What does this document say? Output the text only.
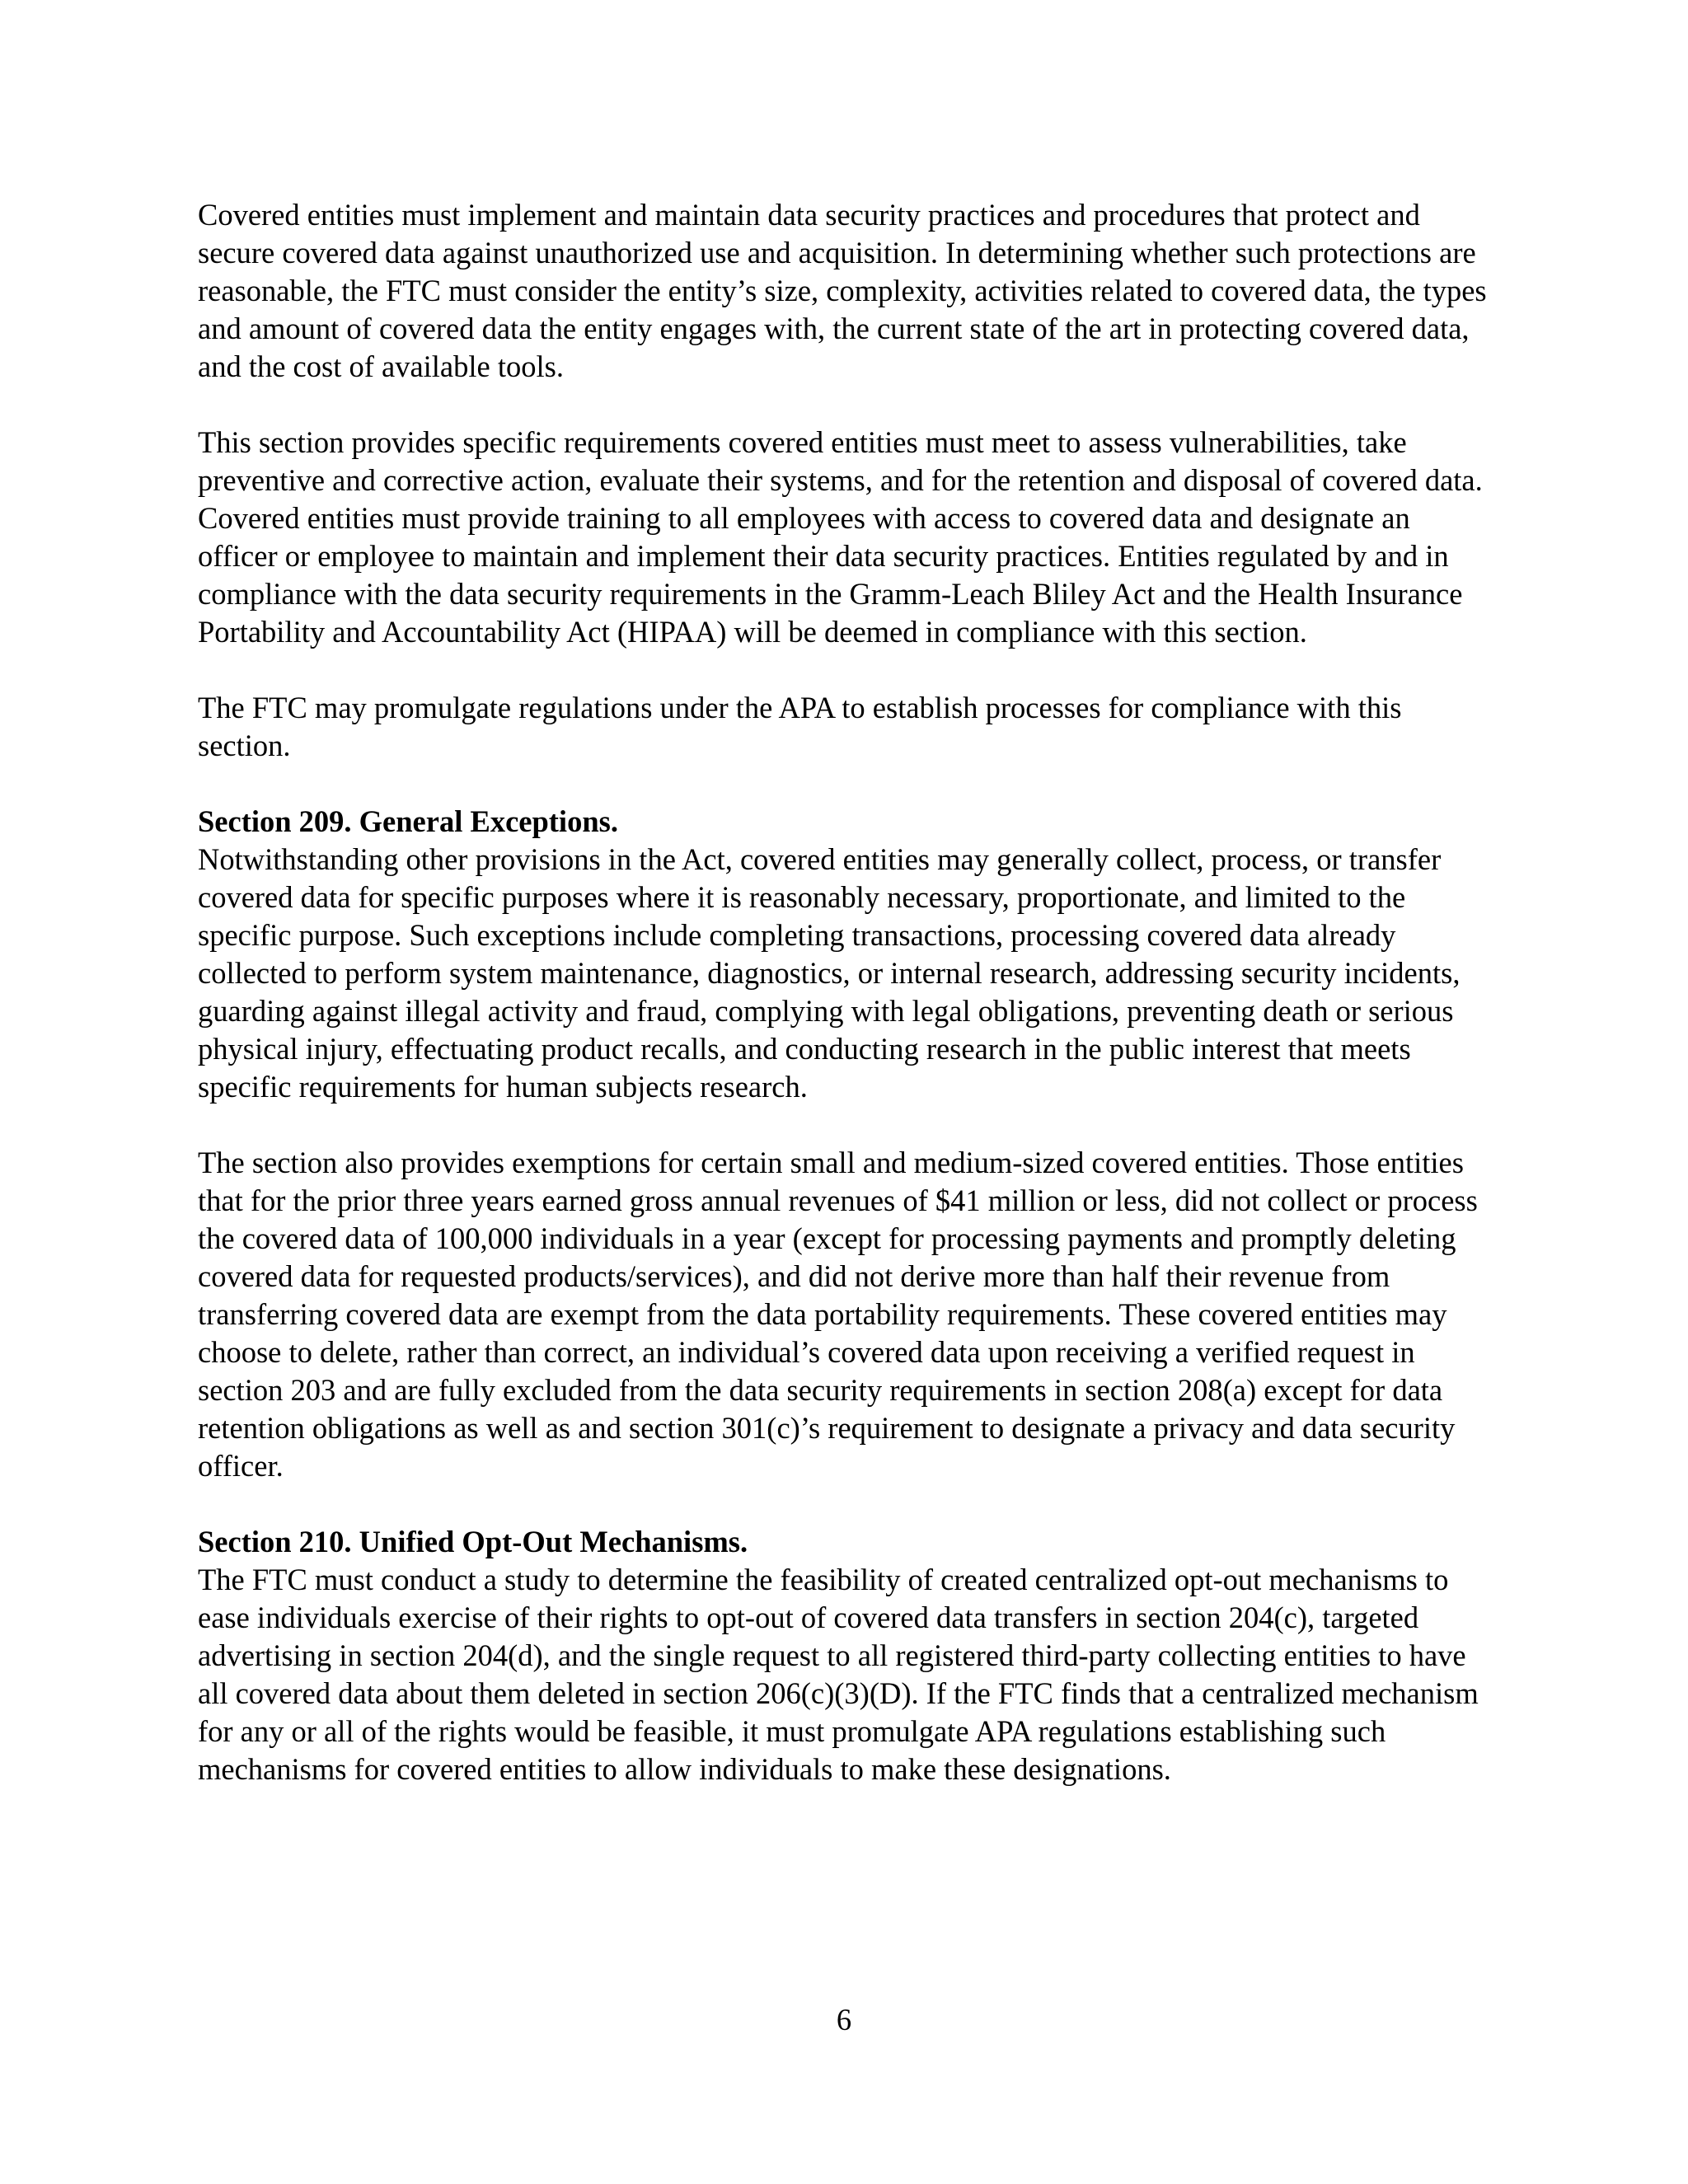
Covered entities must implement and maintain data security practices and procedures that protect and secure covered data against unauthorized use and acquisition. In determining whether such protections are reasonable, the FTC must consider the entity’s size, complexity, activities related to covered data, the types and amount of covered data the entity engages with, the current state of the art in protecting covered data, and the cost of available tools.

This section provides specific requirements covered entities must meet to assess vulnerabilities, take preventive and corrective action, evaluate their systems, and for the retention and disposal of covered data. Covered entities must provide training to all employees with access to covered data and designate an officer or employee to maintain and implement their data security practices. Entities regulated by and in compliance with the data security requirements in the Gramm-Leach Bliley Act and the Health Insurance Portability and Accountability Act (HIPAA) will be deemed in compliance with this section.

The FTC may promulgate regulations under the APA to establish processes for compliance with this section.

Section 209. General Exceptions.
Notwithstanding other provisions in the Act, covered entities may generally collect, process, or transfer covered data for specific purposes where it is reasonably necessary, proportionate, and limited to the specific purpose. Such exceptions include completing transactions, processing covered data already collected to perform system maintenance, diagnostics, or internal research, addressing security incidents, guarding against illegal activity and fraud, complying with legal obligations, preventing death or serious physical injury, effectuating product recalls, and conducting research in the public interest that meets specific requirements for human subjects research.

The section also provides exemptions for certain small and medium-sized covered entities. Those entities that for the prior three years earned gross annual revenues of $41 million or less, did not collect or process the covered data of 100,000 individuals in a year (except for processing payments and promptly deleting covered data for requested products/services), and did not derive more than half their revenue from transferring covered data are exempt from the data portability requirements. These covered entities may choose to delete, rather than correct, an individual’s covered data upon receiving a verified request in section 203 and are fully excluded from the data security requirements in section 208(a) except for data retention obligations as well as and section 301(c)’s requirement to designate a privacy and data security officer.

Section 210. Unified Opt-Out Mechanisms.
The FTC must conduct a study to determine the feasibility of created centralized opt-out mechanisms to ease individuals exercise of their rights to opt-out of covered data transfers in section 204(c), targeted advertising in section 204(d), and the single request to all registered third-party collecting entities to have all covered data about them deleted in section 206(c)(3)(D). If the FTC finds that a centralized mechanism for any or all of the rights would be feasible, it must promulgate APA regulations establishing such mechanisms for covered entities to allow individuals to make these designations.

6
